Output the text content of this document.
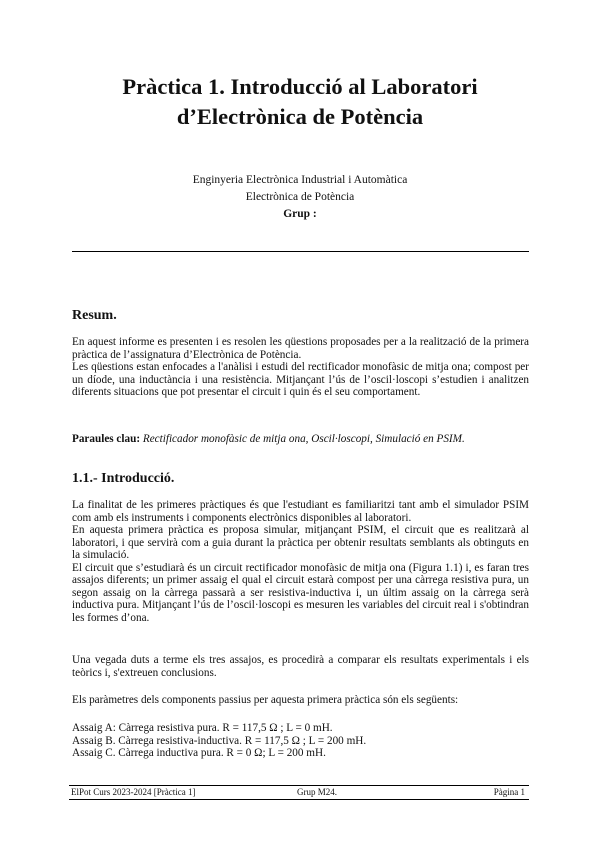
Pràctica 1. Introducció al Laboratori
d’Electrònica de Potència
Enginyeria Electrònica Industrial i Automàtica
Electrònica de Potència
Grup :
Resum.

En aquest informe es presenten i es resolen les qüestions proposades per a la realització de la primera pràctica de l’assignatura d’Electrònica de Potència.

Les qüestions estan enfocades a l'anàlisi i estudi del rectificador monofàsic de mitja ona; compost per un díode, una inductància i una resistència. Mitjançant l’ús de l’oscil·loscopi s’estudien i analitzen diferents situacions que pot presentar el circuit i quin és el seu comportament.

Paraules clau: Rectificador monofàsic de mitja ona, Oscil·loscopi, Simulació en PSIM.
1.1.- Introducció.

La finalitat de les primeres pràctiques és que l'estudiant es familiaritzi tant amb el simulador PSIM com amb els instruments i components electrònics disponibles al laboratori.

En aquesta primera pràctica es proposa simular, mitjançant PSIM, el circuit que es realitzarà al laboratori, i que servirà com a guia durant la pràctica per obtenir resultats semblants als obtinguts en la simulació.

El circuit que s’estudiarà és un circuit rectificador monofàsic de mitja ona (Figura 1.1) i, es faran tres assajos diferents; un primer assaig el qual el circuit estarà compost per una càrrega resistiva pura, un segon assaig on la càrrega passarà a ser resistiva-inductiva i, un últim assaig on la càrrega serà inductiva pura. Mitjançant l’ús de l’oscil·loscopi es mesuren les variables del circuit real i s'obtindran les formes d’ona.

Una vegada duts a terme els tres assajos, es procedirà a comparar els resultats experimentals i els teòrics i, s'extreuen conclusions.

Els paràmetres dels components passius per aquesta primera pràctica són els següents:

Assaig A: Càrrega resistiva pura. R = 117,5 Ω ; L = 0 mH.
Assaig B. Càrrega resistiva-inductiva. R = 117,5 Ω ; L = 200 mH.
Assaig C. Càrrega inductiva pura. R = 0 Ω; L = 200 mH.
ElPot Curs 2023-2024 [Pràctica 1]	Grup M24.	Pàgina 1
